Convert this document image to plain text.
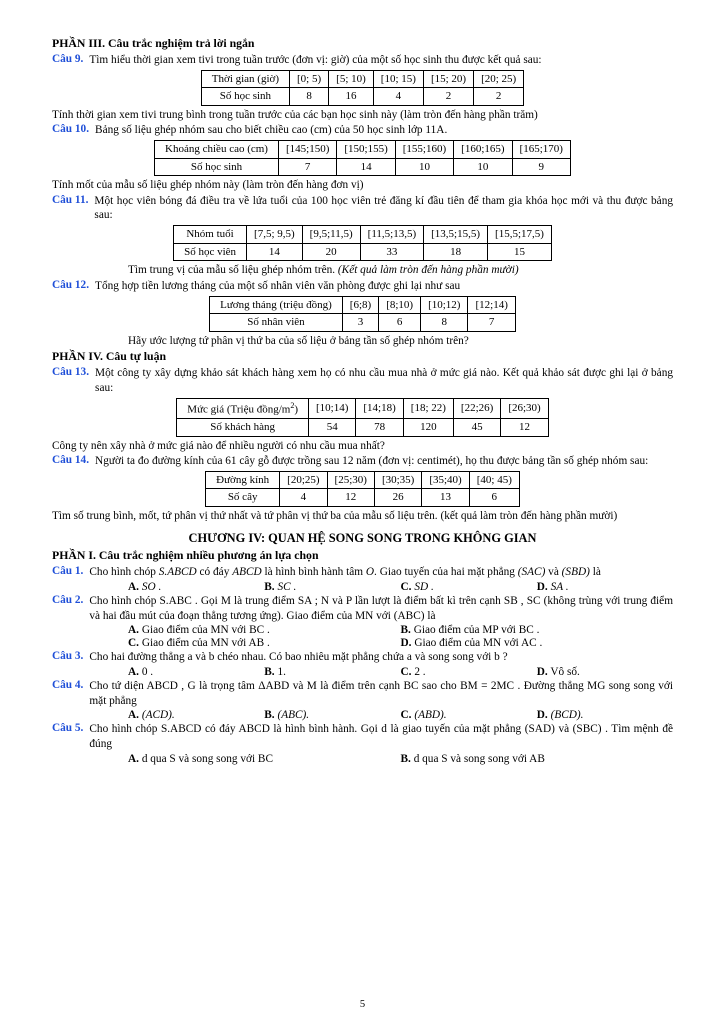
PHẦN III. Câu trắc nghiệm trả lời ngắn
Câu 9. Tìm hiểu thời gian xem tivi trong tuần trước (đơn vị: giờ) của một số học sinh thu được kết quả sau:
Thời gian (giờ)	[0; 5)	[5; 10)	[10; 15)	[15; 20)	[20; 25)
Số học sinh	8	16	4	2	2
Tính thời gian xem tivi trung bình trong tuần trước của các bạn học sinh này (làm tròn đến hàng phần trăm)
Câu 10. Bảng số liệu ghép nhóm sau cho biết chiều cao (cm) của 50 học sinh lớp 11A.
Khoảng chiều cao (cm)	[145;150)	[150;155)	[155;160)	[160;165)	[165;170)
Số học sinh	7	14	10	10	9
Tính mốt của mẫu số liệu ghép nhóm này (làm tròn đến hàng đơn vị)
Câu 11. Một học viên bóng đá điều tra về lứa tuổi của 100 học viên trẻ đăng kí đầu tiên để tham gia khóa học mới và thu được bảng sau:
Nhóm tuổi	[7,5; 9,5)	[9,5;11,5)	[11,5;13,5)	[13,5;15,5)	[15,5;17,5)
Số học viên	14	20	33	18	15
Tìm trung vị của mẫu số liệu ghép nhóm trên. (Kết quả làm tròn đến hàng phần mười)
Câu 12. Tổng hợp tiền lương tháng của một số nhân viên văn phòng được ghi lại như sau
Lương tháng (triệu đồng)	[6;8)	[8;10)	[10;12)	[12;14)
Số nhân viên	3	6	8	7
Hãy ước lượng tứ phân vị thứ ba của số liệu ở bảng tần số ghép nhóm trên?
PHẦN IV. Câu tự luận
Câu 13. Một công ty xây dựng khảo sát khách hàng xem họ có nhu cầu mua nhà ở mức giá nào. Kết quả khảo sát được ghi lại ở bảng sau:
Mức giá (Triệu đồng/$m^2$)	[10;14)	[14;18)	[18; 22)	[22;26)	[26;30)
Số khách hàng	54	78	120	45	12
Công ty nên xây nhà ở mức giá nào để nhiều người có nhu cầu mua nhất?
Câu 14. Người ta đo đường kính của 61 cây gỗ được trồng sau 12 năm (đơn vị: centimét), họ thu được bảng tần số ghép nhóm sau:
Đường kính	[20;25)	[25;30)	[30;35)	[35;40)	[40; 45)
Số cây	4	12	26	13	6
Tìm số trung bình, mốt, tứ phân vị thứ nhất và tứ phân vị thứ ba của mẫu số liệu trên. (kết quả làm tròn đến hàng phần mười)
CHƯƠNG IV: QUAN HỆ SONG SONG TRONG KHÔNG GIAN
PHẦN I. Câu trắc nghiệm nhiều phương án lựa chọn
Câu 1. Cho hình chóp S.ABCD có đáy ABCD là hình bình hành tâm O. Giao tuyến của hai mặt phẳng (SAC) và (SBD) là
A. SO .	B. SC .	C. SD .	D. SA .
Câu 2. Cho hình chóp S.ABC . Gọi M là trung điểm SA ; N và P lần lượt là điểm bất kì trên cạnh SB , SC (không trùng với trung điểm và hai đầu mút của đoạn thẳng tương ứng). Giao điểm của MN với (ABC) là
A. Giao điểm của MN với BC .	B. Giao điểm của MP với BC .
C. Giao điểm của MN với AB .	D. Giao điểm của MN với AC .
Câu 3. Cho hai đường thẳng a và b chéo nhau. Có bao nhiêu mặt phẳng chứa a và song song với b ?
A. 0 .	B. 1.	C. 2 .	D. Vô số.
Câu 4. Cho tứ diện ABCD , G là trọng tâm ΔABD và M là điểm trên cạnh BC sao cho BM = 2MC . Đường thẳng MG song song với mặt phẳng
A. (ACD).	B. (ABC).	C. (ABD).	D. (BCD).
Câu 5. Cho hình chóp S.ABCD có đáy ABCD là hình bình hành. Gọi d là giao tuyến của mặt phẳng (SAD) và (SBC) . Tìm mệnh đề đúng
A. d qua S và song song với BC	B. d qua S và song song với AB
5
